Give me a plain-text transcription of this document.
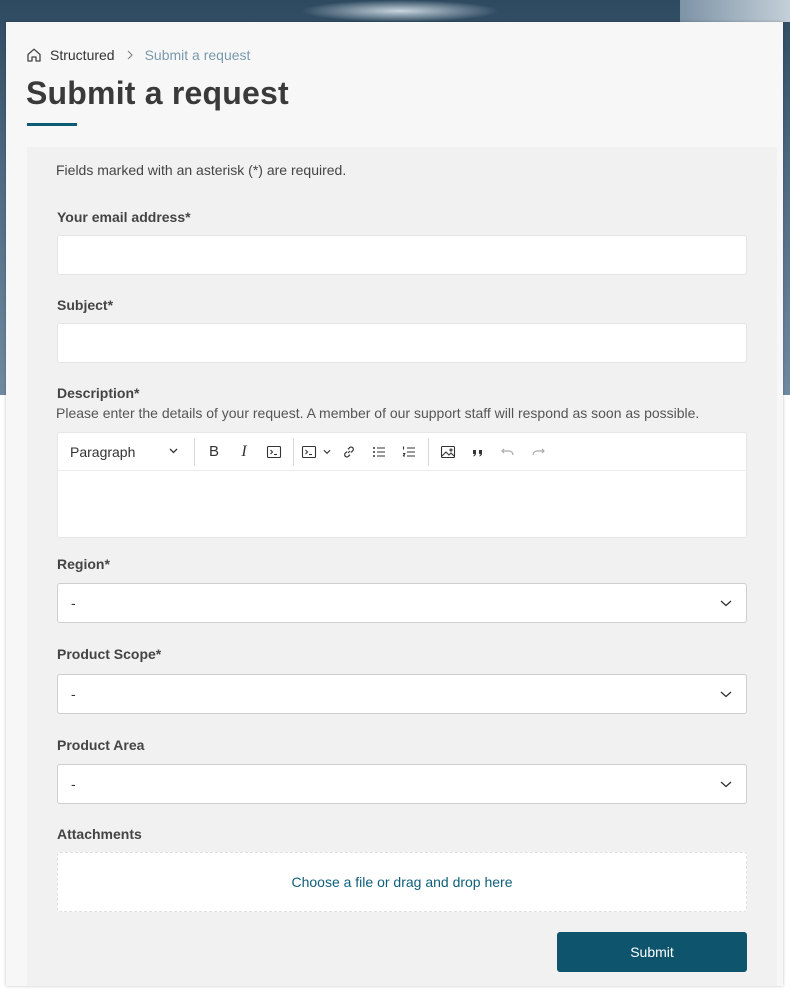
Structured Submit a request
Submit a request
Fields marked with an asterisk (*) are required.
Your email address*
Subject*
Description*
Please enter the details of your request. A member of our support staff will respond as soon as possible.
Paragraph	B I
Region*
-
Product Scope*
-
Product Area
-
Attachments
Choose a file or drag and drop here
Submit
